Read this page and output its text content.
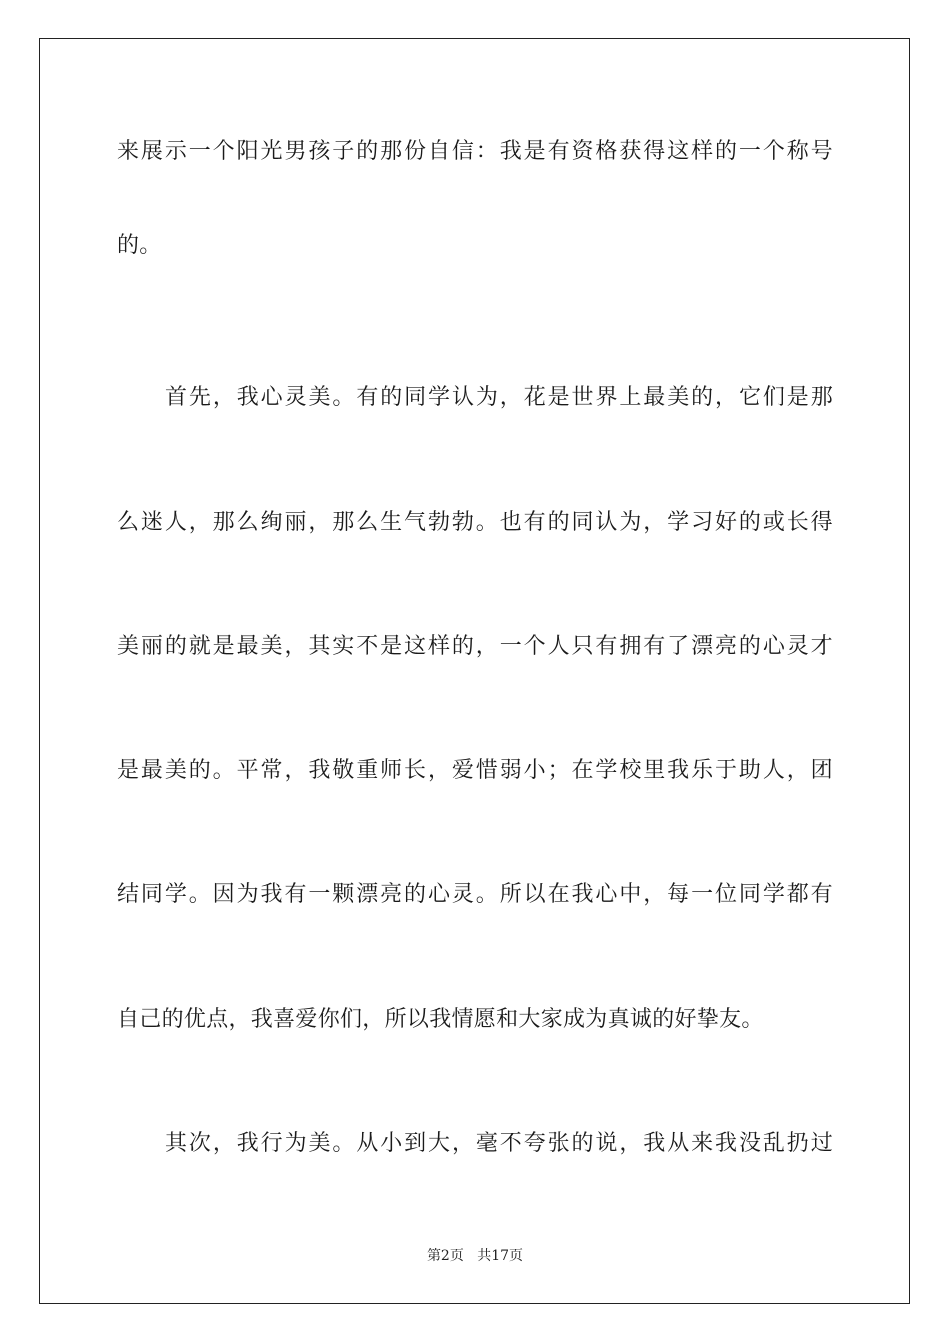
来展示一个阳光男孩子的那份自信：我是有资格获得这样的一个称号
的。
首先，我心灵美。有的同学认为，花是世界上最美的，它们是那
么迷人，那么绚丽，那么生气勃勃。也有的同认为，学习好的或长得
美丽的就是最美，其实不是这样的，一个人只有拥有了漂亮的心灵才
是最美的。平常，我敬重师长，爱惜弱小；在学校里我乐于助人，团
结同学。因为我有一颗漂亮的心灵。所以在我心中，每一位同学都有
自己的优点，我喜爱你们，所以我情愿和大家成为真诚的好挚友。
其次，我行为美。从小到大，毫不夸张的说，我从来我没乱扔过
第2页 共17页
